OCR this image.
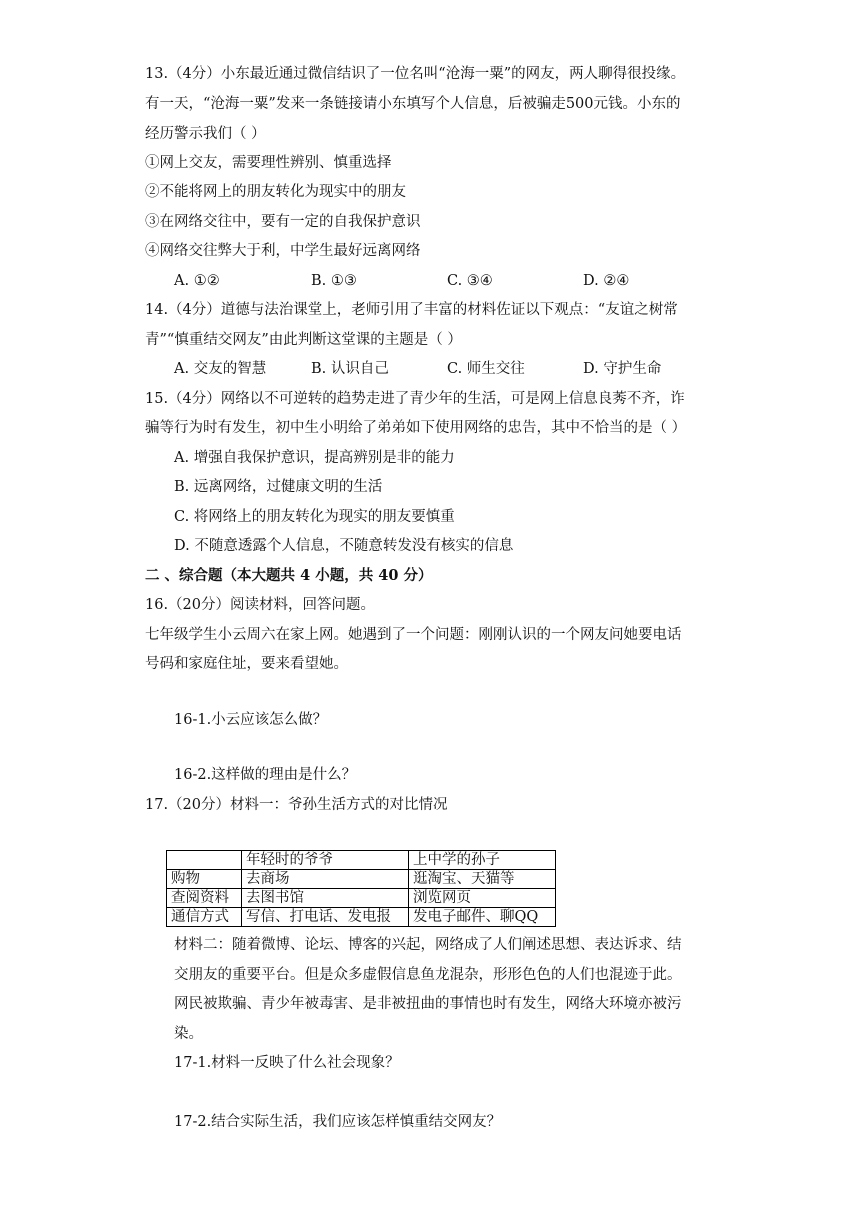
13.（4分）小东最近通过微信结识了一位名叫“沧海一粟”的网友，两人聊得很投缘。
有一天，“沧海一粟”发来一条链接请小东填写个人信息，后被骗走500元钱。小东的
经历警示我们（ ）
①网上交友，需要理性辨别、慎重选择
②不能将网上的朋友转化为现实中的朋友
③在网络交往中，要有一定的自我保护意识
④网络交往弊大于利，中学生最好远离网络
A. ①②	B. ①③	C. ③④	D. ②④
14.（4分）道德与法治课堂上，老师引用了丰富的材料佐证以下观点：“友谊之树常
青”“慎重结交网友”由此判断这堂课的主题是（ ）
A. 交友的智慧	B. 认识自己	C. 师生交往	D. 守护生命
15.（4分）网络以不可逆转的趋势走进了青少年的生活，可是网上信息良莠不齐，诈
骗等行为时有发生，初中生小明给了弟弟如下使用网络的忠告，其中不恰当的是（ ）
A. 增强自我保护意识，提高辨别是非的能力
B. 远离网络，过健康文明的生活
C. 将网络上的朋友转化为现实的朋友要慎重
D. 不随意透露个人信息，不随意转发没有核实的信息
二 、综合题（本大题共 4 小题，共 40 分）
16.（20分）阅读材料，回答问题。
七年级学生小云周六在家上网。她遇到了一个问题：刚刚认识的一个网友问她要电话
号码和家庭住址，要来看望她。
16-1.小云应该怎么做？
16-2.这样做的理由是什么？
17.（20分）材料一：爷孙生活方式的对比情况
	年轻时的爷爷	上中学的孙子
购物	去商场	逛淘宝、天猫等
查阅资料	去图书馆	浏览网页
通信方式	写信、打电话、发电报	发电子邮件、聊QQ
材料二：随着微博、论坛、博客的兴起，网络成了人们阐述思想、表达诉求、结
交朋友的重要平台。但是众多虚假信息鱼龙混杂，形形色色的人们也混迹于此。
网民被欺骗、青少年被毒害、是非被扭曲的事情也时有发生，网络大环境亦被污
染。
17-1.材料一反映了什么社会现象？
17-2.结合实际生活，我们应该怎样慎重结交网友？
